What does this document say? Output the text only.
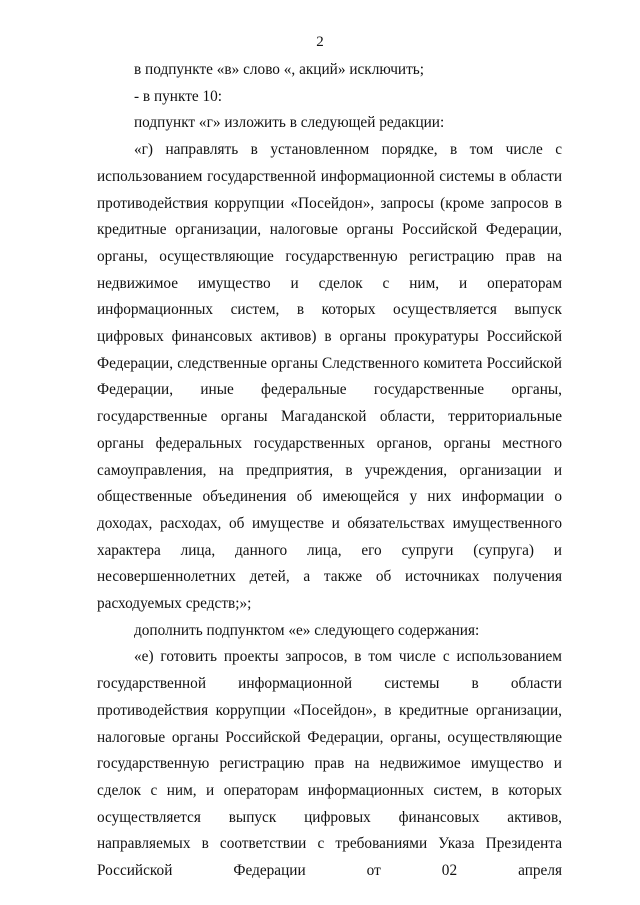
2

в подпункте «в» слово «, акций» исключить;

- в пункте 10:

подпункт «г» изложить в следующей редакции:

«г) направлять в установленном порядке, в том числе с использованием государственной информационной системы в области противодействия коррупции «Посейдон», запросы (кроме запросов в кредитные организации, налоговые органы Российской Федерации, органы, осуществляющие государственную регистрацию прав на недвижимое имущество и сделок с ним, и операторам информационных систем, в которых осуществляется выпуск цифровых финансовых активов) в органы прокуратуры Российской Федерации, следственные органы Следственного комитета Российской Федерации, иные федеральные государственные органы, государственные органы Магаданской области, территориальные органы федеральных государственных органов, органы местного самоуправления, на предприятия, в учреждения, организации и общественные объединения об имеющейся у них информации о доходах, расходах, об имуществе и обязательствах имущественного характера лица, данного лица, его супруги (супруга) и несовершеннолетних детей, а также об источниках получения расходуемых средств;»;

дополнить подпунктом «е» следующего содержания:

«е) готовить проекты запросов, в том числе с использованием государственной информационной системы в области противодействия коррупции «Посейдон», в кредитные организации, налоговые органы Российской Федерации, органы, осуществляющие государственную регистрацию прав на недвижимое имущество и сделок с ним, и операторам информационных систем, в которых осуществляется выпуск цифровых финансовых активов, направляемых в соответствии с требованиями Указа Президента Российской Федерации от 02 апреля
